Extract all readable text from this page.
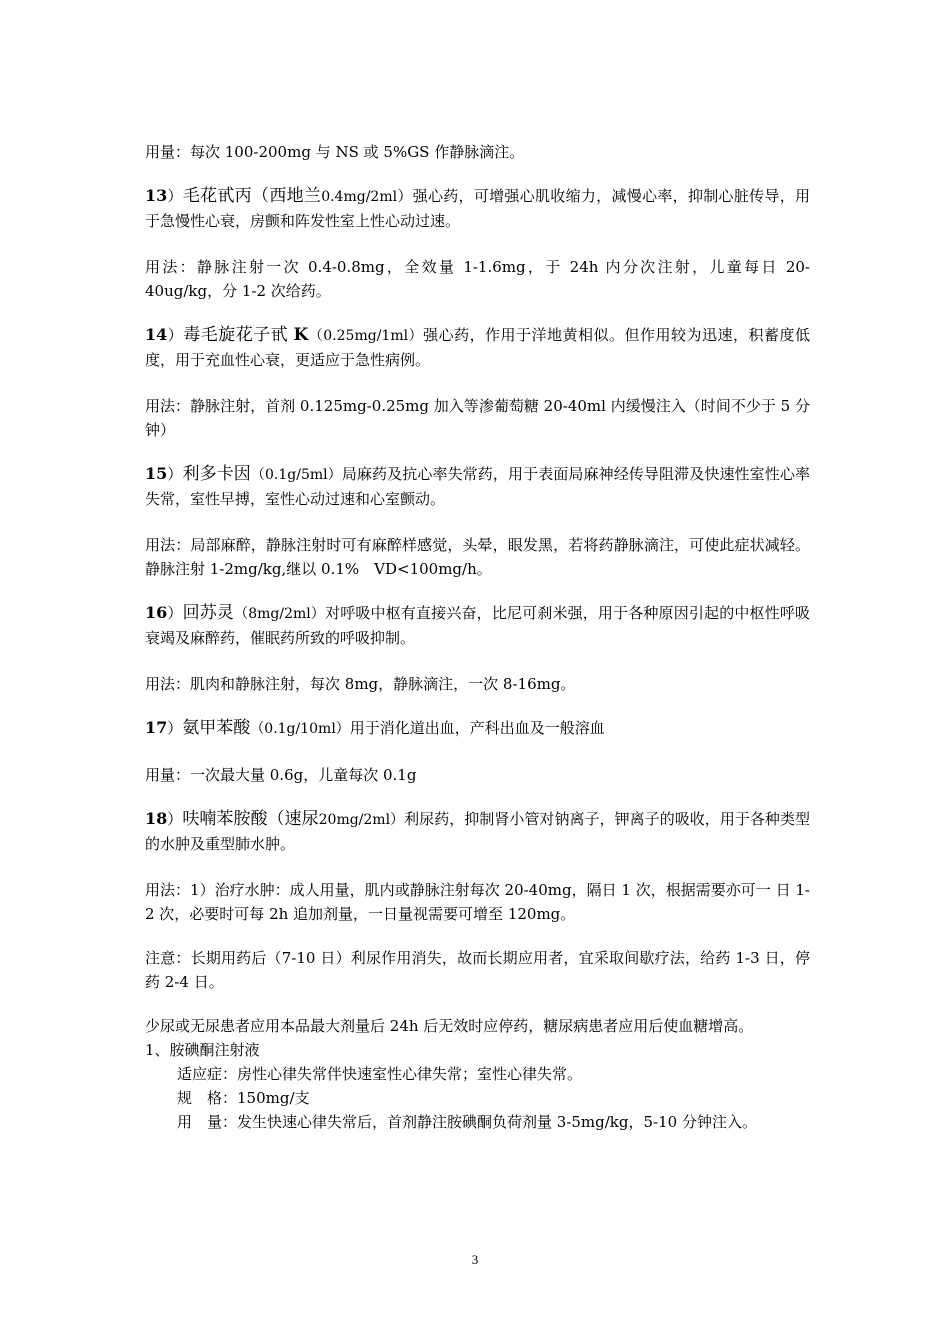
用量：每次 100-200mg 与 NS 或 5%GS 作静脉滴注。

13）毛花甙丙（西地兰0.4mg/2ml）强心药，可增强心肌收缩力，减慢心率，抑制心脏传导，用于急慢性心衰，房颤和阵发性室上性心动过速。

用法：静脉注射一次 0.4-0.8mg，全效量 1-1.6mg，于 24h 内分次注射，儿童每日 20-40ug/kg，分 1-2 次给药。

14）毒毛旋花子甙 K（0.25mg/1ml）强心药，作用于洋地黄相似。但作用较为迅速，积蓄度低度，用于充血性心衰，更适应于急性病例。

用法：静脉注射，首剂 0.125mg-0.25mg 加入等渗葡萄糖 20-40ml 内缓慢注入（时间不少于 5 分钟）

15）利多卡因（0.1g/5ml）局麻药及抗心率失常药，用于表面局麻神经传导阻滞及快速性室性心率失常，室性早搏，室性心动过速和心室颤动。

用法：局部麻醉，静脉注射时可有麻醉样感觉，头晕，眼发黑，若将药静脉滴注，可使此症状减轻。静脉注射 1-2mg/kg,继以 0.1%　VD<100mg/h。

16）回苏灵（8mg/2ml）对呼吸中枢有直接兴奋，比尼可刹米强，用于各种原因引起的中枢性呼吸衰竭及麻醉药，催眠药所致的呼吸抑制。

用法：肌肉和静脉注射，每次 8mg，静脉滴注，一次 8-16mg。

17）氨甲苯酸（0.1g/10ml）用于消化道出血，产科出血及一般溶血

用量：一次最大量 0.6g，儿童每次 0.1g

18）呋喃苯胺酸（速尿20mg/2ml）利尿药，抑制肾小管对钠离子，钾离子的吸收，用于各种类型的水肿及重型肺水肿。

用法：1）治疗水肿：成人用量，肌内或静脉注射每次 20-40mg，隔日 1 次，根据需要亦可一 日 1-2 次，必要时可每 2h 追加剂量，一日量视需要可增至 120mg。

注意：长期用药后（7-10 日）利尿作用消失，故而长期应用者，宜采取间歇疗法，给药 1-3 日，停药 2-4 日。

少尿或无尿患者应用本品最大剂量后 24h 后无效时应停药，糖尿病患者应用后使血糖增高。

1、胺碘酮注射液

适应症：房性心律失常伴快速室性心律失常；室性心律失常。

规　格：150mg/支

用　量：发生快速心律失常后，首剂静注胺碘酮负荷剂量 3-5mg/kg，5-10 分钟注入。

3
